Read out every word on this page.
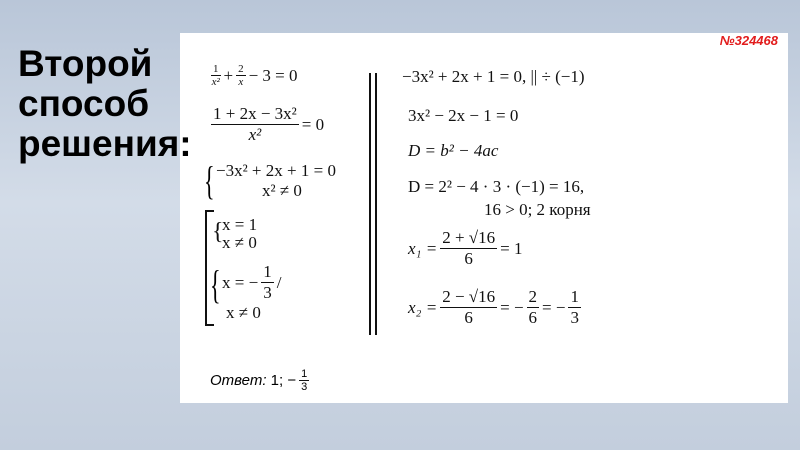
Второй
способ
решения:
№324468
$\frac{1}{\text{x²}} + \frac{2}{x} - 3 = 0$
$\frac{\text{1 + 2x − 3x²}}{\text{x²}} = 0$
{ −3x² + 2x + 1 = 0
x² ≠ 0
{
x = 1
x ≠ 0
{ x = − $\frac{1}{3}$ /
x ≠ 0
−3x² + 2x + 1 = 0, || ÷ (−1)
3x² − 2x − 1 = 0
D = b² − 4ac
D = 2² − 4 · 3 · (−1) = 16,
16 > 0; 2 корня
$x_1 = \frac{2 + √16}{6} = 1$
$x_2 = \frac{2 - √16}{6}$ = − $\frac{2}{6}$ = − $\frac{1}{3}$
Ответ:
1;
− $\frac{1}{3}$
